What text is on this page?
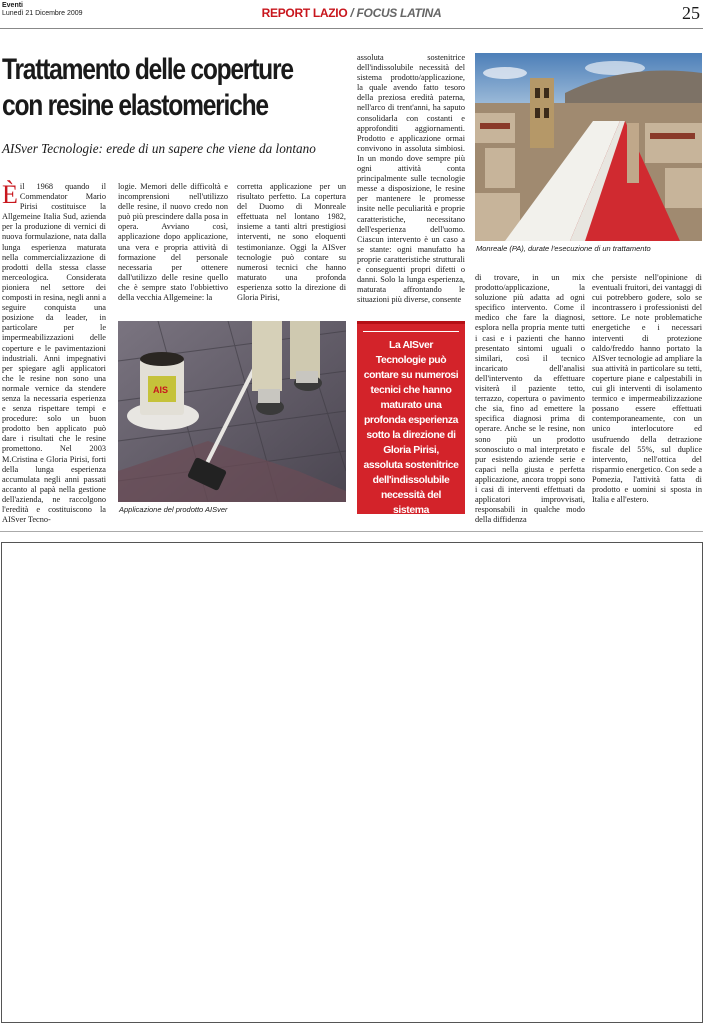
Eventi
Lunedì 21 Dicembre 2009	REPORT LAZIO / FOCUS LATINA	25
Trattamento delle coperture
con resine elastomeriche
AISver Tecnologie: erede di un sapere che viene da lontano
È il 1968 quando il Commendator Mario Pirisi costituisce la Allgemeine Italia Sud, azienda per la produzione di vernici di nuova formulazione, nata dalla lunga esperienza maturata nella commercializzazione di prodotti della stessa classe merceologica. Considerata pioniera nel settore dei composti in resina, negli anni a seguire conquista una posizione da leader, in particolare per le impermeabilizzazioni delle coperture e le pavimentazioni industriali. Anni impegnativi per spiegare agli applicatori che le resine non sono una normale vernice da stendere senza la necessaria esperienza e senza rispettare tempi e procedure: solo un buon prodotto ben applicato può dare i risultati che le resine promettono. Nel 2003 M.Cristina e Gloria Pirisi, forti della lunga esperienza accumulata negli anni passati accanto al papà nella gestione dell'azienda, ne raccolgono l'eredità e costituiscono la AISver Tecno-
logie. Memori delle difficoltà e incomprensioni nell'utilizzo delle resine, il nuovo credo non può più prescindere dalla posa in opera. Avviano così, applicazione dopo applicazione, una vera e propria attività di formazione del personale necessaria per ottenere dall'utilizzo delle resine quello che è sempre stato l'obbiettivo della vecchia Allgemeine: la
corretta applicazione per un risultato perfetto. La copertura del Duomo di Monreale effettuata nel lontano 1982, insieme a tanti altri prestigiosi interventi, ne sono eloquenti testimonianze. Oggi la AISver tecnologie può contare su numerosi tecnici che hanno maturato una profonda esperienza sotto la direzione di Gloria Pirisi,
AIS
Applicazione del prodotto AISver
assoluta sostenitrice dell'indissolubile necessità del sistema prodotto/applicazione, la quale avendo fatto tesoro della preziosa eredità paterna, nell'arco di trent'anni, ha saputo consolidarla con costanti e approfonditi aggiornamenti. Prodotto e applicazione ormai convivono in assoluta simbiosi. In un mondo dove sempre più ogni attività conta principalmente sulle tecnologie messe a disposizione, le resine per mantenere le promesse insite nelle peculiarità e proprie caratteristiche, necessitano dell'esperienza dell'uomo. Ciascun intervento è un caso a se stante: ogni manufatto ha proprie caratteristiche strutturali e conseguenti propri difetti o danni. Solo la lunga esperienza, maturata affrontando le situazioni più diverse, consente
La AISver Tecnologie può contare su numerosi tecnici che hanno maturato una profonda esperienza sotto la direzione di Gloria Pirisi, assoluta sostenitrice dell'indissolubile necessità del sistema prodotto/applicazione
Monreale (PA), durate l'esecuzione di un trattamento
di trovare, in un mix prodotto/applicazione, la soluzione più adatta ad ogni specifico intervento. Come il medico che fare la diagnosi, esplora nella propria mente tutti i casi e i pazienti che hanno presentato sintomi uguali o similari, così il tecnico incaricato dell'analisi dell'intervento da effettuare visiterà il paziente tetto, terrazzo, copertura o pavimento che sia, fino ad emettere la specifica diagnosi prima di operare. Anche se le resine, non sono più un prodotto sconosciuto o mal interpretato e pur esistendo aziende serie e capaci nella giusta e perfetta applicazione, ancora troppi sono i casi di interventi effettuati da applicatori improvvisati, responsabili in qualche modo della diffidenza
che persiste nell'opinione di eventuali fruitori, dei vantaggi di cui potrebbero godere, solo se incontrassero i professionisti del settore. Le note problematiche energetiche e i necessari interventi di protezione caldo/freddo hanno portato la AISver tecnologie ad ampliare la sua attività in particolare su tetti, coperture piane e calpestabili in cui gli interventi di isolamento termico e impermeabilizzazione possano essere effettuati contemporaneamente, con un unico interlocutore ed usufruendo della detrazione fiscale del 55%, sul duplice intervento, nell'ottica del risparmio energetico. Con sede a Pomezia, l'attività fatta di prodotto e uomini si sposta in Italia e all'estero.
